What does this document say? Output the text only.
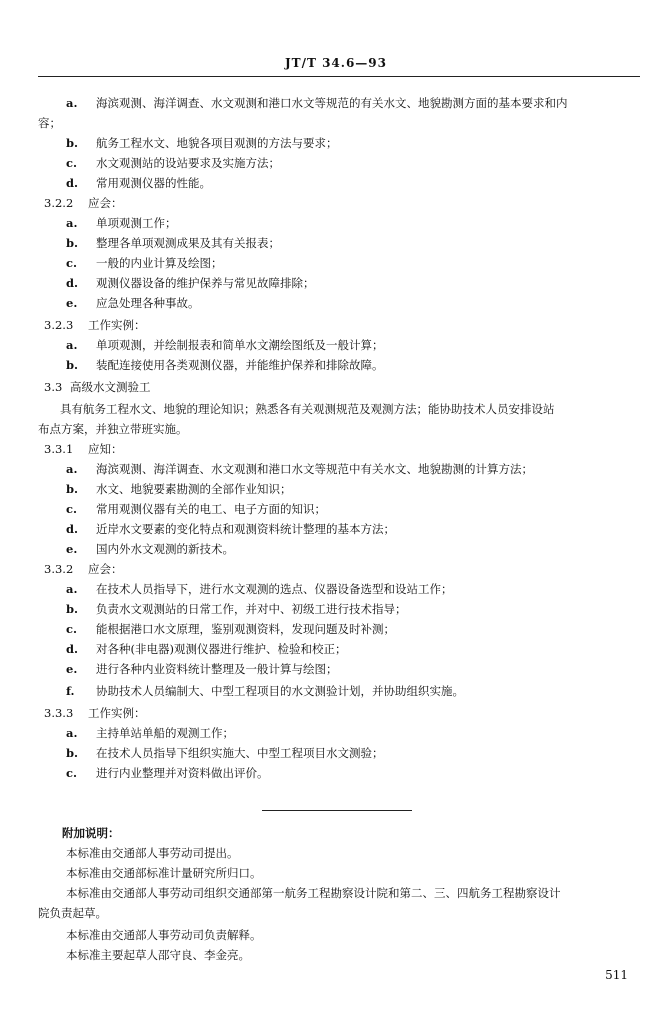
JT/T 34.6—93
a. 海滨观测、海洋调查、水文观测和港口水文等规范的有关水文、地貌勘测方面的基本要求和内
容；
b. 航务工程水文、地貌各项目观测的方法与要求；
c. 水文观测站的设站要求及实施方法；
d. 常用观测仪器的性能。
3.2.2 应会：
a. 单项观测工作；
b. 整理各单项观测成果及其有关报表；
c. 一般的内业计算及绘图；
d. 观测仪器设备的维护保养与常见故障排除；
e. 应急处理各种事故。
3.2.3 工作实例：
a. 单项观测，并绘制报表和简单水文潮绘图纸及一般计算；
b. 装配连接使用各类观测仪器，并能维护保养和排除故障。
3.3 高级水文测验工
具有航务工程水文、地貌的理论知识；熟悉各有关观测规范及观测方法；能协助技术人员安排设站
布点方案，并独立带班实施。
3.3.1 应知：
a. 海滨观测、海洋调查、水文观测和港口水文等规范中有关水文、地貌勘测的计算方法；
b. 水文、地貌要素勘测的全部作业知识；
c. 常用观测仪器有关的电工、电子方面的知识；
d. 近岸水文要素的变化特点和观测资料统计整理的基本方法；
e. 国内外水文观测的新技术。
3.3.2 应会：
a. 在技术人员指导下，进行水文观测的选点、仪器设备选型和设站工作；
b. 负责水文观测站的日常工作，并对中、初级工进行技术指导；
c. 能根据港口水文原理，鉴别观测资料，发现问题及时补测；
d. 对各种(非电器)观测仪器进行维护、检验和校正；
e. 进行各种内业资料统计整理及一般计算与绘图；
f. 协助技术人员编制大、中型工程项目的水文测验计划，并协助组织实施。
3.3.3 工作实例：
a. 主持单站单船的观测工作；
b. 在技术人员指导下组织实施大、中型工程项目水文测验；
c. 进行内业整理并对资料做出评价。
附加说明：
本标准由交通部人事劳动司提出。
本标准由交通部标准计量研究所归口。
本标准由交通部人事劳动司组织交通部第一航务工程勘察设计院和第二、三、四航务工程勘察设计
院负责起草。
本标准由交通部人事劳动司负责解释。
本标准主要起草人邵守良、李金亮。
511
